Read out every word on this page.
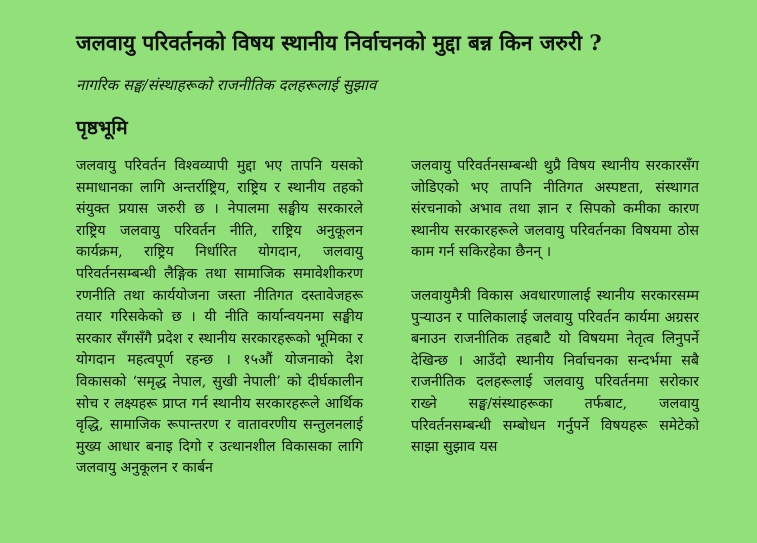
जलवायु परिवर्तनको विषय स्थानीय निर्वाचनको मुद्दा बन्न किन जरुरी ?
नागरिक सङ्घ/संस्थाहरूको राजनीतिक दलहरूलाई सुझाव
पृष्ठभूमि

जलवायु परिवर्तन विश्वव्यापी मुद्दा भए तापनि यसको समाधानका लागि अन्तर्राष्ट्रिय, राष्ट्रिय र स्थानीय तहको संयुक्त प्रयास जरुरी छ । नेपालमा सङ्घीय सरकारले राष्ट्रिय जलवायु परिवर्तन नीति, राष्ट्रिय अनुकूलन कार्यक्रम, राष्ट्रिय निर्धारित योगदान, जलवायु परिवर्तनसम्बन्धी लैङ्गिक तथा सामाजिक समावेशीकरण रणनीति तथा कार्ययोजना जस्ता नीतिगत दस्तावेजहरू तयार गरिसकेको छ । यी नीति कार्यान्वयनमा सङ्घीय सरकार सँगसँगै प्रदेश र स्थानीय सरकारहरूको भूमिका र योगदान महत्वपूर्ण रहन्छ । १५औं योजनाको देश विकासको ‘समृद्ध नेपाल, सुखी नेपाली’ को दीर्घकालीन सोच र लक्ष्यहरू प्राप्त गर्न स्थानीय सरकारहरूले आर्थिक वृद्धि, सामाजिक रूपान्तरण र वातावरणीय सन्तुलनलाई मुख्य आधार बनाइ दिगो र उत्थानशील विकासका लागि जलवायु अनुकूलन र कार्बन

जलवायु परिवर्तनसम्बन्धी थुप्रै विषय स्थानीय सरकारसँग जोडिएको भए तापनि नीतिगत अस्पष्टता, संस्थागत संरचनाको अभाव तथा ज्ञान र सिपको कमीका कारण स्थानीय सरकारहरूले जलवायु परिवर्तनका विषयमा ठोस काम गर्न सकिरहेका छैनन् ।

जलवायुमैत्री विकास अवधारणालाई स्थानीय सरकारसम्म पुर्‍याउन र पालिकालाई जलवायु परिवर्तन कार्यमा अग्रसर बनाउन राजनीतिक तहबाटै यो विषयमा नेतृत्व लिनुपर्ने देखिन्छ । आउँदो स्थानीय निर्वाचनका सन्दर्भमा सबै राजनीतिक दलहरूलाई जलवायु परिवर्तनमा सरोकार राख्ने सङ्घ/संस्थाहरूका तर्फबाट, जलवायु परिवर्तनसम्बन्धी सम्बोधन गर्नुपर्ने विषयहरू समेटेको साझा सुझाव यस
